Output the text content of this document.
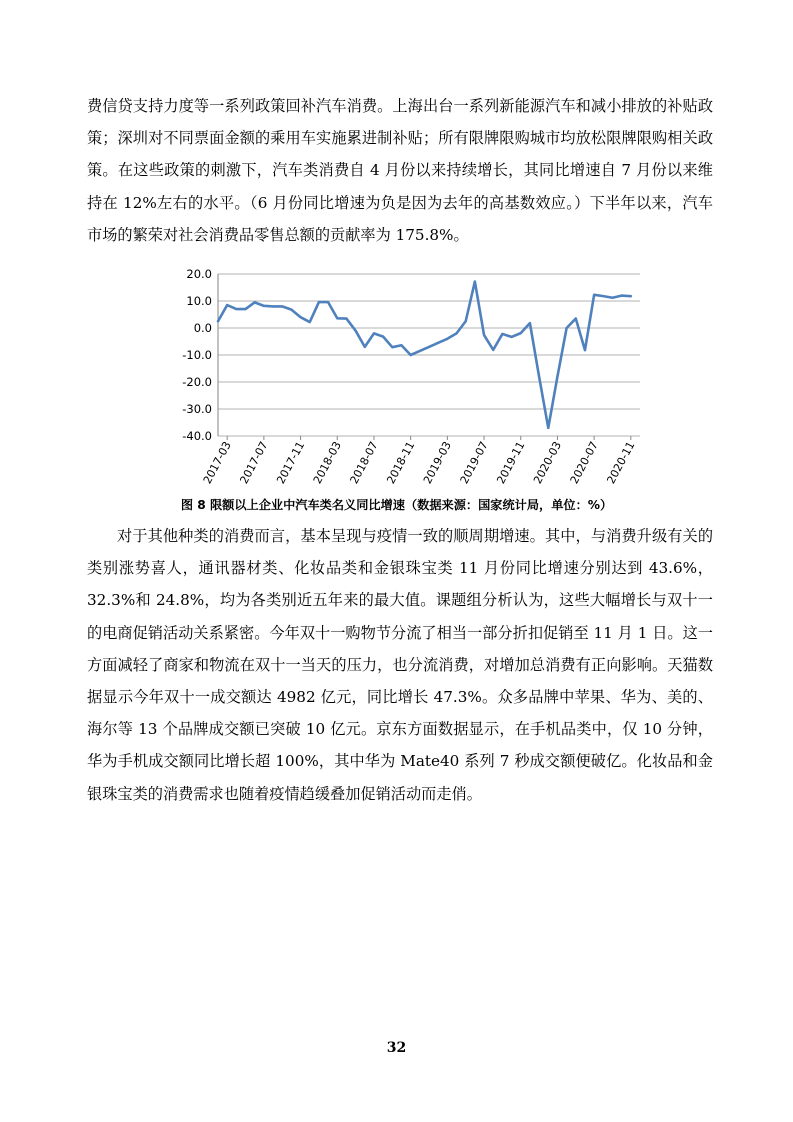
费信贷支持力度等一系列政策回补汽车消费。上海出台一系列新能源汽车和减小排放的补贴政策；深圳对不同票面金额的乘用车实施累进制补贴；所有限牌限购城市均放松限牌限购相关政策。在这些政策的刺激下，汽车类消费自 4 月份以来持续增长，其同比增速自 7 月份以来维持在 12%左右的水平。（6 月份同比增速为负是因为去年的高基数效应。）下半年以来，汽车市场的繁荣对社会消费品零售总额的贡献率为 175.8%。

20.0
10.0
0.0
-10.0
-20.0
-30.0
-40.0
2017-03 2017-07 2017-11 2018-03 2018-07 2018-11 2019-03 2019-07 2019-11 2020-03 2020-07 2020-11
图 8 限额以上企业中汽车类名义同比增速（数据来源：国家统计局，单位：%）

对于其他种类的消费而言，基本呈现与疫情一致的顺周期增速。其中，与消费升级有关的类别涨势喜人，通讯器材类、化妆品类和金银珠宝类 11 月份同比增速分别达到 43.6%，32.3%和 24.8%，均为各类别近五年来的最大值。课题组分析认为，这些大幅增长与双十一的电商促销活动关系紧密。今年双十一购物节分流了相当一部分折扣促销至 11 月 1 日。这一方面减轻了商家和物流在双十一当天的压力，也分流消费，对增加总消费有正向影响。天猫数据显示今年双十一成交额达 4982 亿元，同比增长 47.3%。众多品牌中苹果、华为、美的、海尔等 13 个品牌成交额已突破 10 亿元。京东方面数据显示，在手机品类中，仅 10 分钟，华为手机成交额同比增长超 100%，其中华为 Mate40 系列 7 秒成交额便破亿。化妆品和金银珠宝类的消费需求也随着疫情趋缓叠加促销活动而走俏。

32
